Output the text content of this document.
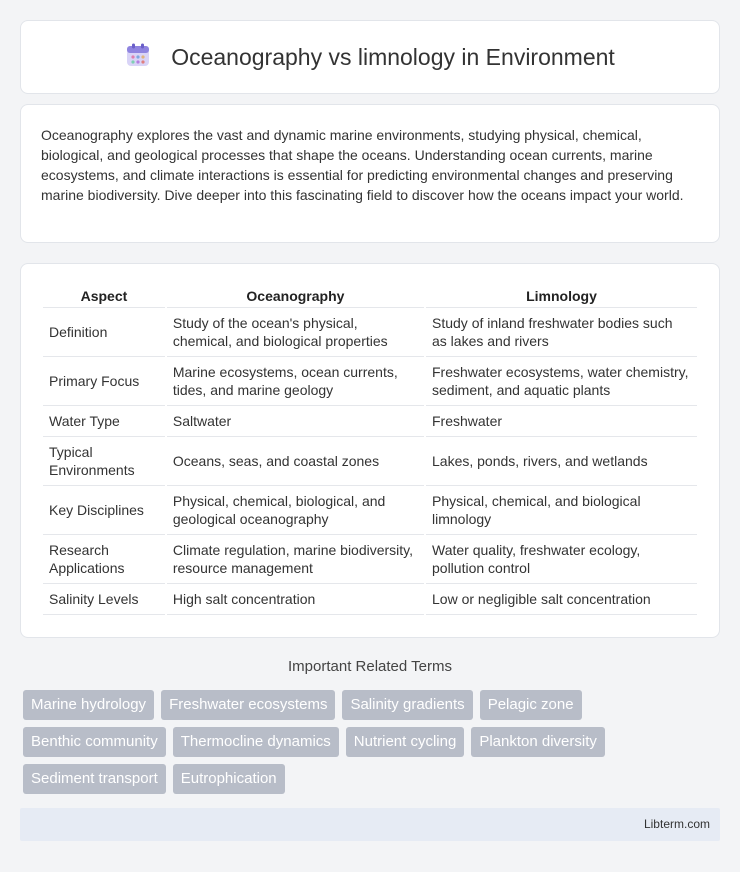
Oceanography vs limnology in Environment

Oceanography explores the vast and dynamic marine environments, studying physical, chemical, biological, and geological processes that shape the oceans. Understanding ocean currents, marine ecosystems, and climate interactions is essential for predicting environmental changes and preserving marine biodiversity. Dive deeper into this fascinating field to discover how the oceans impact your world.

Aspect	Oceanography	Limnology
Definition	Study of the ocean's physical, chemical, and biological properties	Study of inland freshwater bodies such as lakes and rivers
Primary Focus	Marine ecosystems, ocean currents, tides, and marine geology	Freshwater ecosystems, water chemistry, sediment, and aquatic plants
Water Type	Saltwater	Freshwater
Typical Environments	Oceans, seas, and coastal zones	Lakes, ponds, rivers, and wetlands
Key Disciplines	Physical, chemical, biological, and geological oceanography	Physical, chemical, and biological limnology
Research Applications	Climate regulation, marine biodiversity, resource management	Water quality, freshwater ecology, pollution control
Salinity Levels	High salt concentration	Low or negligible salt concentration
Important Related Terms
Marine hydrology	Freshwater ecosystems	Salinity gradients	Pelagic zone
Benthic community	Thermocline dynamics	Nutrient cycling	Plankton diversity
Sediment transport	Eutrophication
Libterm.com
